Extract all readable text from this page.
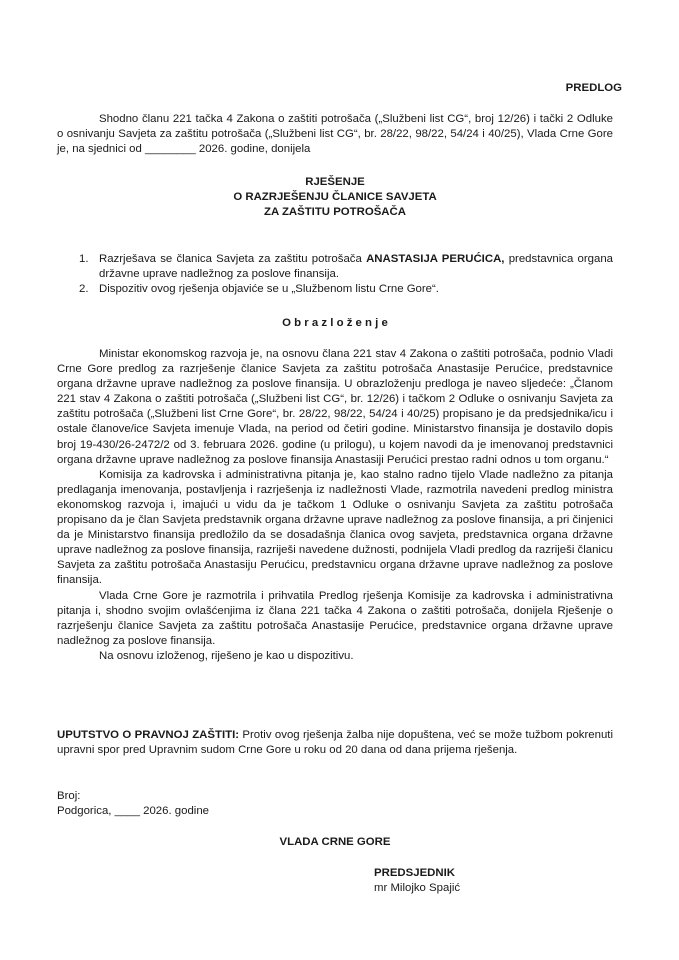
PREDLOG

Shodno članu 221 tačka 4 Zakona o zaštiti potrošača („Službeni list CG“, broj 12/26) i tački 2 Odluke o osnivanju Savjeta za zaštitu potrošača („Službeni list CG“, br. 28/22, 98/22, 54/24 i 40/25), Vlada Crne Gore je, na sjednici od ________ 2026. godine, donijela

RJEŠENJE
O RAZRJEŠENJU ČLANICE SAVJETA
ZA ZAŠTITU POTROŠAČA
1. Razrješava se članica Savjeta za zaštitu potrošača ANASTASIJA PERUĆICA, predstavnica organa državne uprave nadležnog za poslove finansija.
2. Dispozitiv ovog rješenja objaviće se u „Službenom listu Crne Gore“.

O b r a z l o ž e n j e

Ministar ekonomskog razvoja je, na osnovu člana 221 stav 4 Zakona o zaštiti potrošača, podnio Vladi Crne Gore predlog za razrješenje članice Savjeta za zaštitu potrošača Anastasije Perućice, predstavnice organa državne uprave nadležnog za poslove finansija. U obrazloženju predloga je naveo sljedeće: „Članom 221 stav 4 Zakona o zaštiti potrošača („Službeni list CG“, br. 12/26) i tačkom 2 Odluke o osnivanju Savjeta za zaštitu potrošača („Službeni list Crne Gore“, br. 28/22, 98/22, 54/24 i 40/25) propisano je da predsjednika/icu i ostale članove/ice Savjeta imenuje Vlada, na period od četiri godine. Ministarstvo finansija je dostavilo dopis broj 19-430/26-2472/2 od 3. februara 2026. godine (u prilogu), u kojem navodi da je imenovanoj predstavnici organa državne uprave nadležnog za poslove finansija Anastasiji Perućici prestao radni odnos u tom organu.“

Komisija za kadrovska i administrativna pitanja je, kao stalno radno tijelo Vlade nadležno za pitanja predlaganja imenovanja, postavljenja i razrješenja iz nadležnosti Vlade, razmotrila navedeni predlog ministra ekonomskog razvoja i, imajući u vidu da je tačkom 1 Odluke o osnivanju Savjeta za zaštitu potrošača propisano da je član Savjeta predstavnik organa državne uprave nadležnog za poslove finansija, a pri činjenici da je Ministarstvo finansija predložilo da se dosadašnja članica ovog savjeta, predstavnica organa državne uprave nadležnog za poslove finansija, razriješi navedene dužnosti, podnijela Vladi predlog da razriješi članicu Savjeta za zaštitu potrošača Anastasiju Perućicu, predstavnicu organa državne uprave nadležnog za poslove finansija.

Vlada Crne Gore je razmotrila i prihvatila Predlog rješenja Komisije za kadrovska i administrativna pitanja i, shodno svojim ovlašćenjima iz člana 221 tačka 4 Zakona o zaštiti potrošača, donijela Rješenje o razrješenju članice Savjeta za zaštitu potrošača Anastasije Perućice, predstavnice organa državne uprave nadležnog za poslove finansija.

Na osnovu izloženog, riješeno je kao u dispozitivu.

UPUTSTVO O PRAVNOJ ZAŠTITI: Protiv ovog rješenja žalba nije dopuštena, već se može tužbom pokrenuti upravni spor pred Upravnim sudom Crne Gore u roku od 20 dana od dana prijema rješenja.

Broj:

Podgorica, ____ 2026. godine

VLADA CRNE GORE

PREDSJEDNIK

mr Milojko Spajić
